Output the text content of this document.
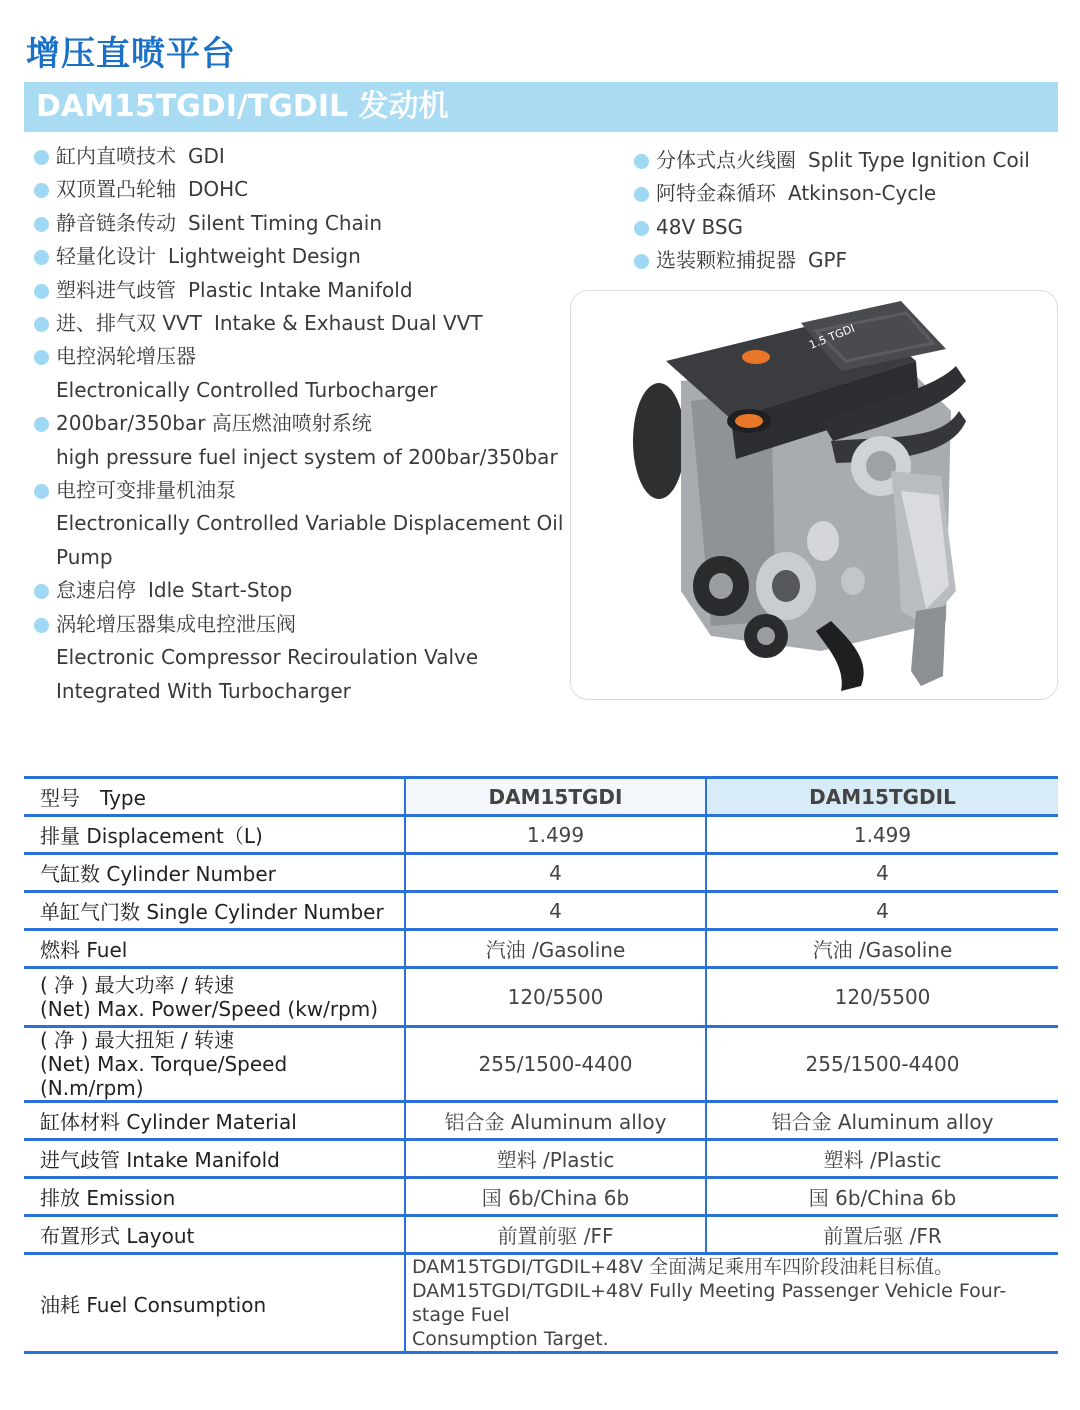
增压直喷平台
DAM15TGDI/TGDIL 发动机
缸内直喷技术 GDI
双顶置凸轮轴 DOHC
静音链条传动 Silent Timing Chain
轻量化设计 Lightweight Design
塑料进气歧管 Plastic Intake Manifold
进、排气双 VVT Intake & Exhaust Dual VVT
电控涡轮增压器
Electronically Controlled Turbocharger
200bar/350bar 高压燃油喷射系统
high pressure fuel inject system of 200bar/350bar
电控可变排量机油泵
Electronically Controlled Variable Displacement Oil Pump
怠速启停 Idle Start-Stop
涡轮增压器集成电控泄压阀
Electronic Compressor Reciroulation Valve Integrated With Turbocharger
分体式点火线圈 Split Type Ignition Coil
阿特金森循环 Atkinson-Cycle
48V BSG
选装颗粒捕捉器 GPF
1.5 TGDI
型号　Type	DAM15TGDI	DAM15TGDIL
排量 Displacement（L)	1.499	1.499
气缸数 Cylinder Number	4	4
单缸气门数 Single Cylinder Number	4	4
燃料 Fuel	汽油 /Gasoline	汽油 /Gasoline
( 净 ) 最大功率 / 转速
(Net) Max. Power/Speed (kw/rpm)	120/5500	120/5500
( 净 ) 最大扭矩 / 转速
(Net) Max. Torque/Speed (N.m/rpm)	255/1500-4400	255/1500-4400
缸体材料 Cylinder Material	铝合金 Aluminum alloy	铝合金 Aluminum alloy
进气歧管 Intake Manifold	塑料 /Plastic	塑料 /Plastic
排放 Emission	国 6b/China 6b	国 6b/China 6b
布置形式 Layout	前置前驱 /FF	前置后驱 /FR
油耗 Fuel Consumption	DAM15TGDI/TGDIL+48V 全面满足乘用车四阶段油耗目标值。
DAM15TGDI/TGDIL+48V Fully Meeting Passenger Vehicle Four-stage Fuel
Consumption Target.	
